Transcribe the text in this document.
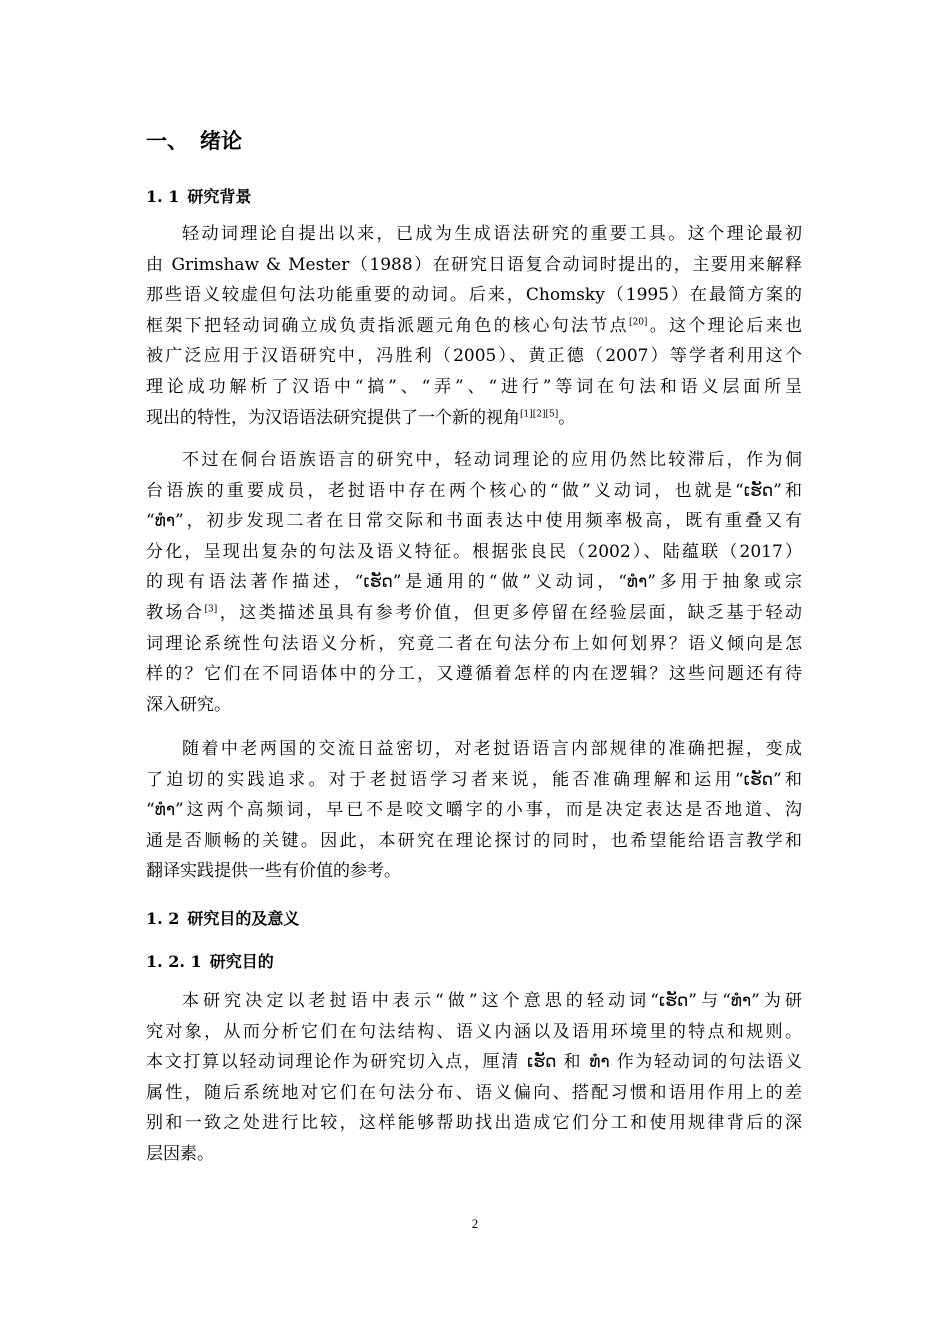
一、 绪论
1. 1 研究背景
轻动词理论自提出以来，已成为生成语法研究的重要工具。这个理论最初
由 Grimshaw & Mester（1988）在研究日语复合动词时提出的，主要用来解释
那些语义较虚但句法功能重要的动词。后来，Chomsky（1995）在最简方案的
框架下把轻动词确立成负责指派题元角色的核心句法节点[20]。这个理论后来也
被广泛应用于汉语研究中，冯胜利（2005）、黄正德（2007）等学者利用这个
理论成功解析了汉语中“搞”、“弄”、“进行”等词在句法和语义层面所呈
现出的特性，为汉语语法研究提供了一个新的视角[1][2][5]。
不过在侗台语族语言的研究中，轻动词理论的应用仍然比较滞后，作为侗
台语族的重要成员，老挝语中存在两个核心的“做”义动词，也就是“ເຮັດ”和
“ທຳ”，初步发现二者在日常交际和书面表达中使用频率极高，既有重叠又有
分化，呈现出复杂的句法及语义特征。根据张良民（2002）、陆蕴联（2017）
的现有语法著作描述，“ເຮັດ”是通用的“做”义动词，“ທຳ”多用于抽象或宗
教场合[3]，这类描述虽具有参考价值，但更多停留在经验层面，缺乏基于轻动
词理论系统性句法语义分析，究竟二者在句法分布上如何划界？语义倾向是怎
样的？它们在不同语体中的分工，又遵循着怎样的内在逻辑？这些问题还有待
深入研究。
随着中老两国的交流日益密切，对老挝语语言内部规律的准确把握，变成
了迫切的实践追求。对于老挝语学习者来说，能否准确理解和运用“ເຮັດ”和
“ທຳ”这两个高频词，早已不是咬文嚼字的小事，而是决定表达是否地道、沟
通是否顺畅的关键。因此，本研究在理论探讨的同时，也希望能给语言教学和
翻译实践提供一些有价值的参考。
1. 2 研究目的及意义
1. 2. 1 研究目的
本研究决定以老挝语中表示“做”这个意思的轻动词“ເຮັດ”与“ທຳ”为研
究对象，从而分析它们在句法结构、语义内涵以及语用环境里的特点和规则。
本文打算以轻动词理论作为研究切入点，厘清 ເຮັດ 和 ທຳ 作为轻动词的句法语义
属性，随后系统地对它们在句法分布、语义偏向、搭配习惯和语用作用上的差
别和一致之处进行比较，这样能够帮助找出造成它们分工和使用规律背后的深
层因素。
2
